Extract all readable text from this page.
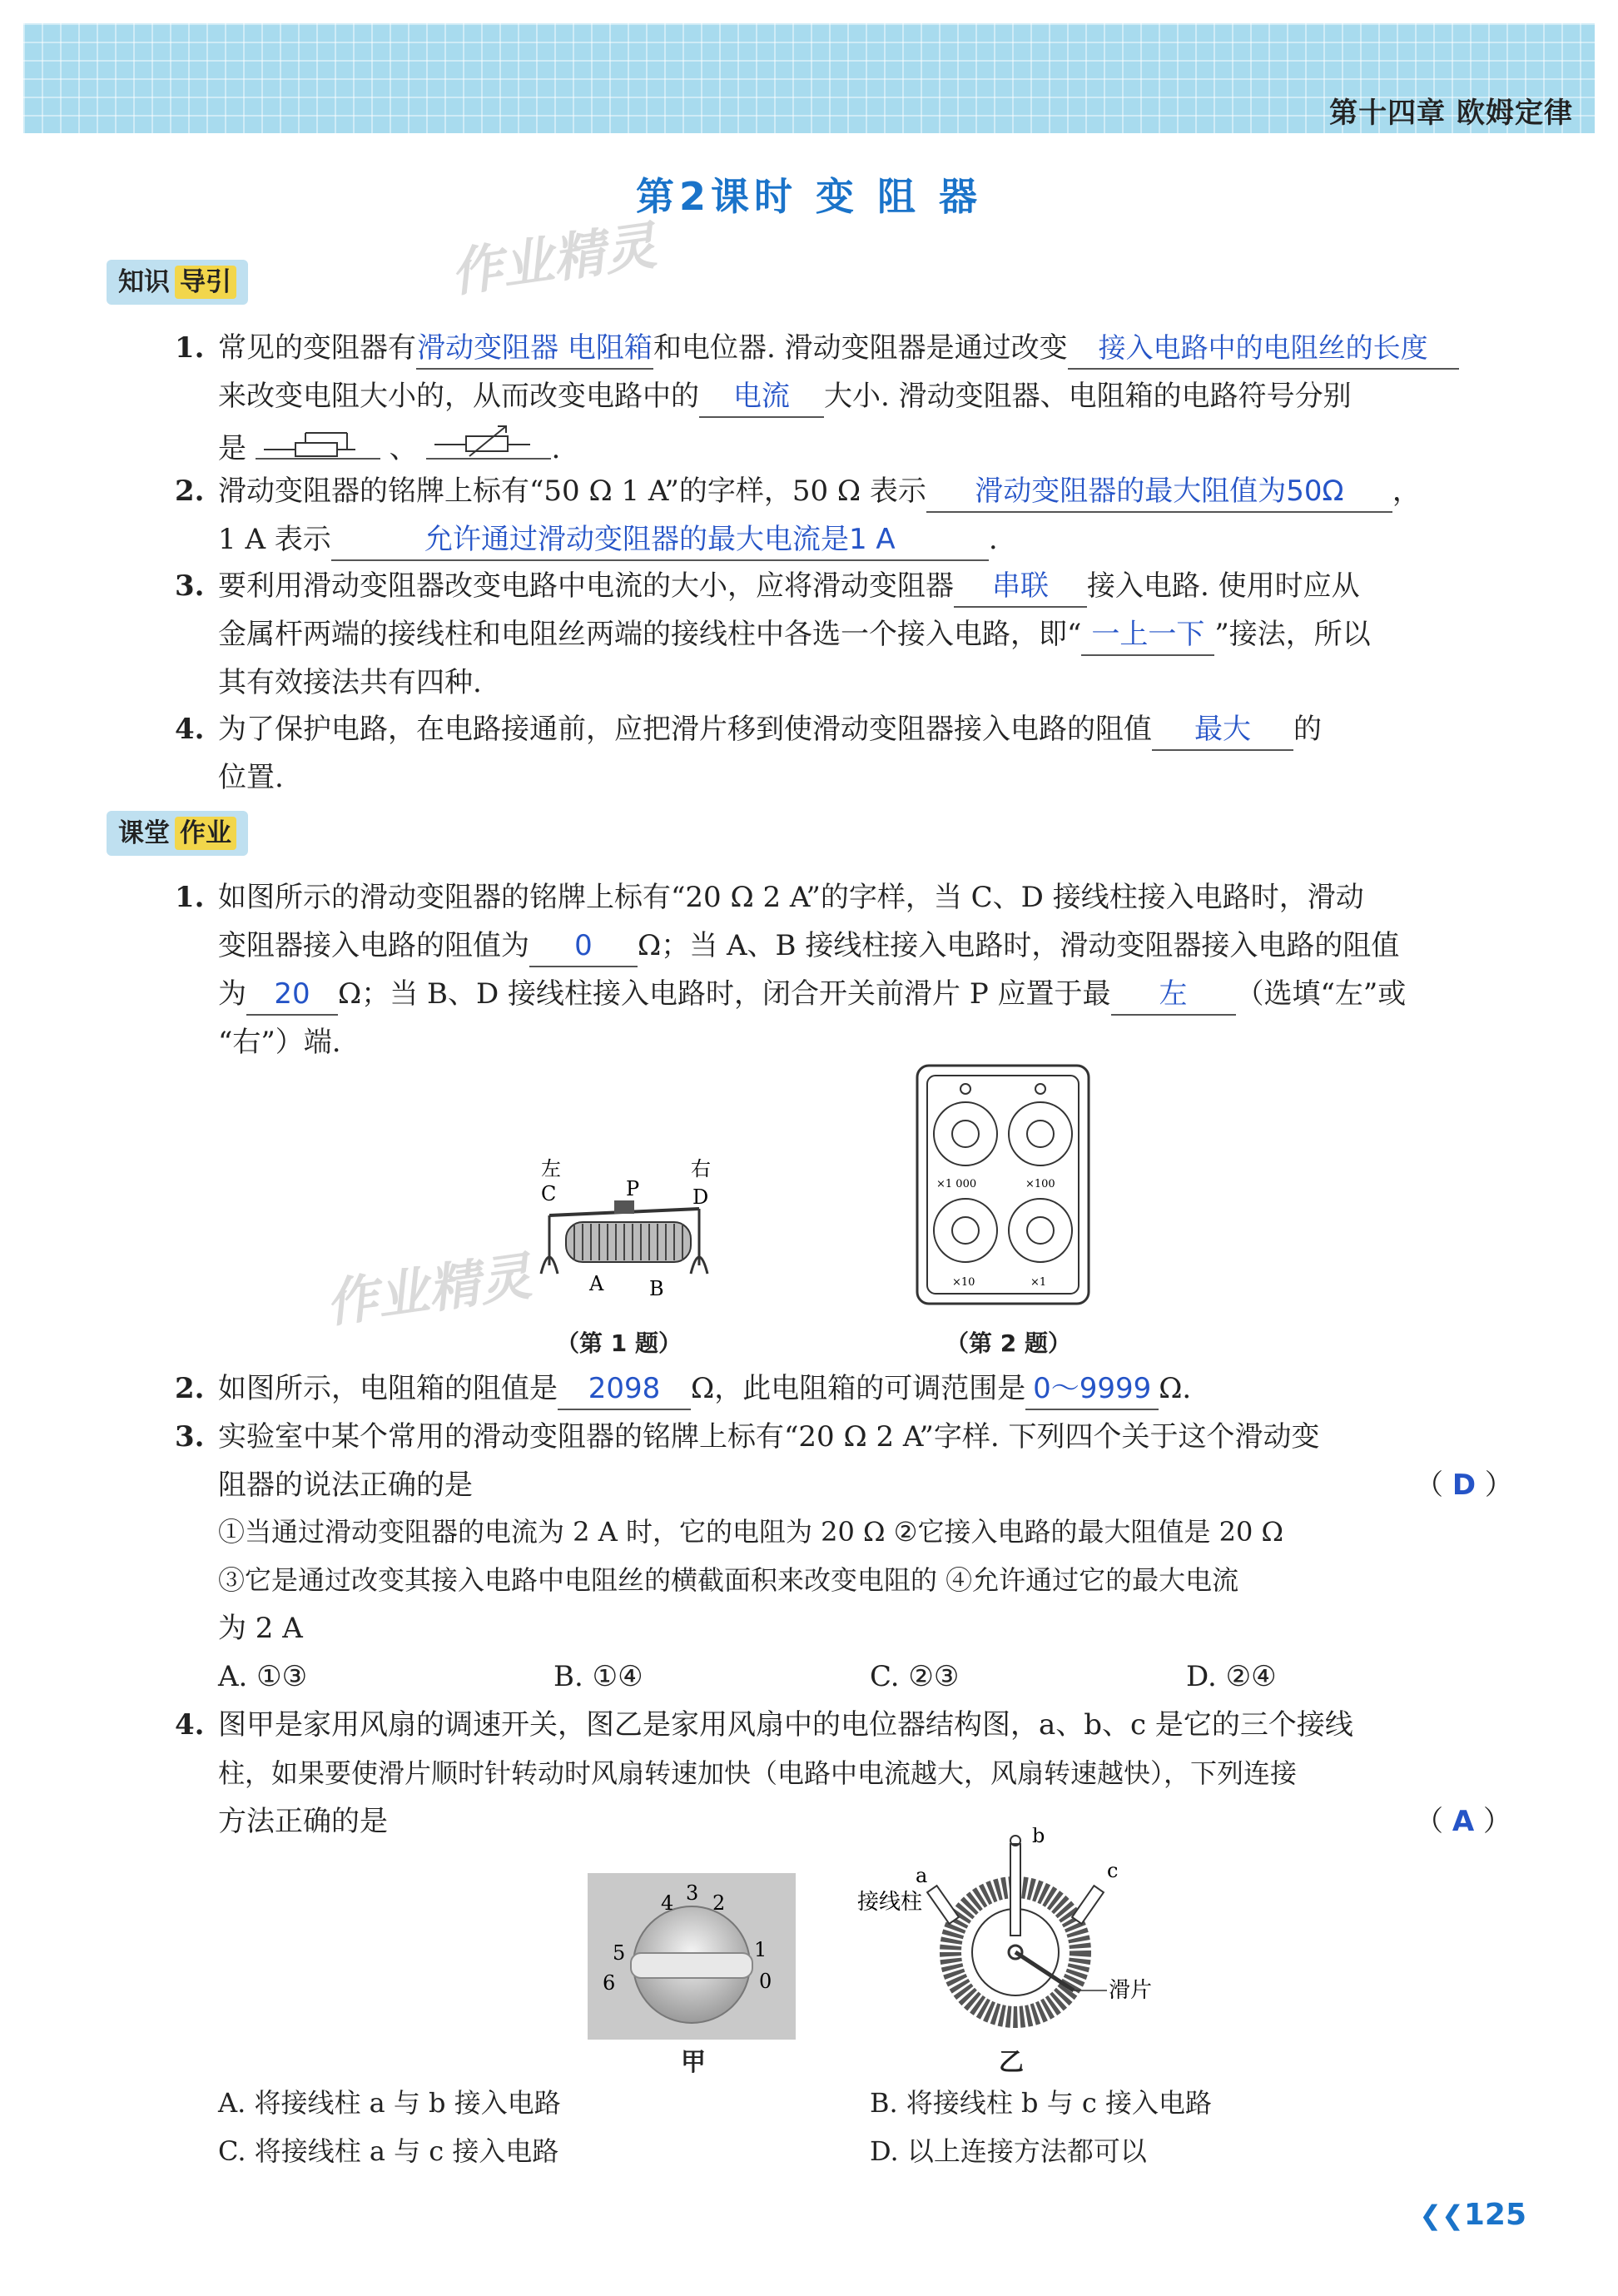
第十四章 欧姆定律
第2课时 变 阻 器
作业精灵
知识 导引
1. 常见的变阻器有滑动变阻器 电阻箱和电位器. 滑动变阻器是通过改变 接入电路中的电阻丝的长度
来改变电阻大小的，从而改变电路中的 电流 大小. 滑动变阻器、电阻箱的电路符号分别
是	、	.
2. 滑动变阻器的铭牌上标有“50 Ω 1 A”的字样，50 Ω 表示 滑动变阻器的最大阻值为50Ω ，
1 A 表示	允许通过滑动变阻器的最大电流是1 A	.
3. 要利用滑动变阻器改变电路中电流的大小，应将滑动变阻器 串联 接入电路. 使用时应从
金属杆两端的接线柱和电阻丝两端的接线柱中各选一个接入电路，即“ 一上一下 ”接法，所以
其有效接法共有四种.
4. 为了保护电路，在电路接通前，应把滑片移到使滑动变阻器接入电路的阻值 最大 的
位置.
课堂 作业
1. 如图所示的滑动变阻器的铭牌上标有“20 Ω 2 A”的字样，当 C、D 接线柱接入电路时，滑动
变阻器接入电路的阻值为 0 Ω；当 A、B 接线柱接入电路时，滑动变阻器接入电路的阻值
为 20 Ω；当 B、D 接线柱接入电路时，闭合开关前滑片 P 应置于最 左 （选填“左”或
“右”）端.
左	右
C	D
P
A B
作业精灵
（第 1 题）
×1 000	×100
×10	×1
（第 2 题）
2. 如图所示，电阻箱的阻值是 2098 Ω，此电阻箱的可调范围是 0～9999 Ω.
3. 实验室中某个常用的滑动变阻器的铭牌上标有“20 Ω 2 A”字样. 下列四个关于这个滑动变
阻器的说法正确的是	（ D ）
①当通过滑动变阻器的电流为 2 A 时，它的电阻为 20 Ω ②它接入电路的最大阻值是 20 Ω
③它是通过改变其接入电路中电阻丝的横截面积来改变电阻的 ④允许通过它的最大电流
为 2 A
A. ①③	B. ①④	C. ②③	D. ②④
4. 图甲是家用风扇的调速开关，图乙是家用风扇中的电位器结构图，a、b、c 是它的三个接线
柱，如果要使滑片顺时针转动时风扇转速加快（电路中电流越大，风扇转速越快），下列连接
方法正确的是	（ A ）
3
4 2
5	1
6	0
甲
b
a	c
接线柱
滑片
乙
A. 将接线柱 a 与 b 接入电路	B. 将接线柱 b 与 c 接入电路
C. 将接线柱 a 与 c 接入电路	D. 以上连接方法都可以
❮❮125
